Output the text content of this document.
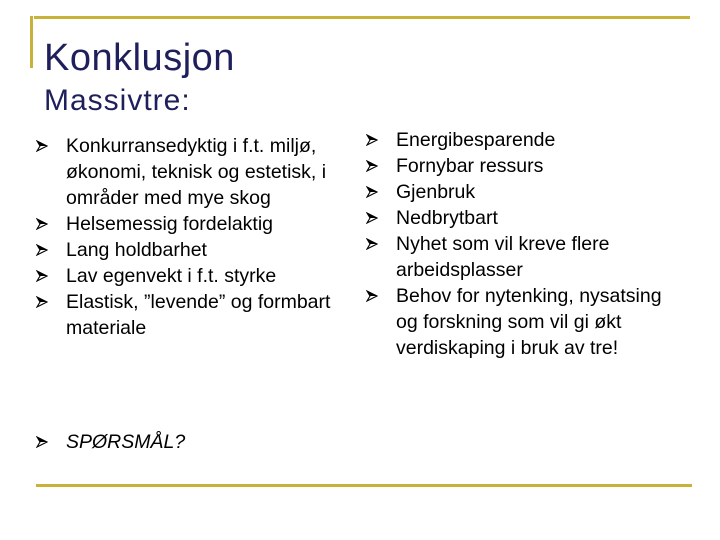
Konklusjon
Massivtre:
Konkurransedyktig i f.t. miljø, økonomi, teknisk og estetisk, i områder med mye skog
Helsemessig fordelaktig
Lang holdbarhet
Lav egenvekt i f.t. styrke
Elastisk, ”levende” og formbart materiale
Energibesparende
Fornybar ressurs
Gjenbruk
Nedbrytbart
Nyhet som vil kreve flere arbeidsplasser
Behov for nytenking, nysatsing og forskning som vil gi økt verdiskaping i bruk av tre!
SPØRSMÅL?
